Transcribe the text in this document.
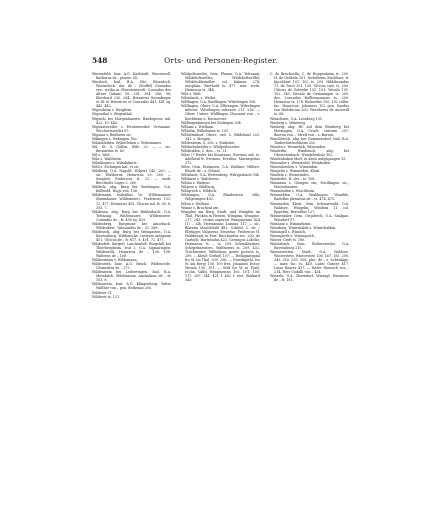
Orts- und Personen-Register.
548

Wiesenfeld, bair. A.G. Karlstadt, Wiesenvell. Barbarus de – pincer. 54.

Wiesloch, bad. B.A. Sitz, Wisenloch, Wiseneloch. dat. de – (Stoffel) Conradus reic. scriba in Oberstetenvelt. Conradus des Alters (Adam) 58. 281. 394. 286; 98; Eberhard 230. 284. Heinricus Swendinger et fil. et Heinricus et Conradus 441. 441 sq. 442. 442.

Wigenheim s. Weighein.

Wigenthal s. Wegenthal.

Wignelo bei Morgenhausen. Raedegerus mil. 422. 19. 440.

Wighartsweiler s. Heutenweiler. Ortsname. Wicchertsweiler 67.

Wigmar s. Beilhrem sic.

Wikingen s. Wekingen. Esc.

Wilanbleiben. Wyherleben s. Wobemanee.

Wil, St. S. Gallen. Wile. 20. — — sic. Bernardus ts. 60.

Wil s. Weil.

Wila s. Waibheim.

Wiladaraire s. Wiladaharie.

Wild s. Eichingen kat. et sic.

Wildberg, O.A. Nagold. Wilpert 145, 280. — sic. Waltherus. Heinricus 20. 269. — tivopluh; Fridericus fr. 21. — mult. Berchtolts Luges 2. 260.

Wildeck, abg. Burg bei Sindringen, O.A. Kellwold. Hugo von. 156.

Wildemann, Indutilius Ve. Wildemannus (Baumhauer Wildemeier). Fridericus 133. 12; 477. Heinricus 455. Ulricus mil. fr. 58. 8; 355. 7.

Wildenau, abg. Burg bei Bühlenbach, O.A. Tettnang. Wildenauwe. Wildenouwe. Conradus de – fr. 409 sq. 429.

Wildenberg, Burgruine bei Amorbach. Wildenberc. Valesandus de – 52. 289.

Wildeneck, abg. Burg bei Weingarten, O.A. Ravensburg. Wildenecke. castrum antiquum 401. Ulricus de – fr. 817. 9. 401. 72. 477.

Wildenfels, bürgerl. Lauckenhöf, Burgstall bei Thierbergheim, leut 2. O.A. Sigmaringen. Wildenvels. Heinricus de – 108. 108. Walterus de – 108.

Wildenmann s. Wildemann.

Wildenroth, bair. A.G. Bruck. Wildenrode. Chunradus de – 273.

Wildenstein bei Leibertingen, bad. B.A. Messkirch. Wildenstain. Anshalmus de – fr. 103. 8.

Wildenstein, bair. A.G. Klingenberg. Ritter Walther von – gen. Rothenas 205.

Wildreer 21.

Wildreer ts. 121.

Wildpoltsweiler, Gem. Flaxen, O.A. Tettnang. Wildeboltswiller, Wildeboltswiller, Wildeboldeswiller. col. Kalman 274, niocplain. Berthold ts. 477. rent. scrib. Heinricus ts. 344.

Wile s. Weil.

Wilenbach, s. Weiler.

Wilflingen, O.A. Riedlingen. Wilvelingen 208.

Wilflingen, Oberr. O.A. Ellwangen. Wilvelingen inferior. Volvelingen inferiore 211. 256. — Oberr. Unterr. Wülflingen Chuonrat von – s. Kirchheim u. Rossnecset.

Wilflingenhausen bei Esslingen 304.

Wilham s. Wielham.

Wilhelm, Wilhelmine ts. 101.

Wilhelmsdorf, Oberr., ord. 5. Wildeland 203. 341. s. Morgen.

Wildenheim, S. 256. s. Einkeitei.

Wildnebulweiler s. Wildpoltsweiler.

Wildstallen, C. den. – ts. 31.

Wiler (? Weiler bei Konstanz). Evirinus mil. ts. Adelheid fr. Evirinus, Everilus. Marnegeitus 272.

Wiler, Gem. Distanzen. O.A. Waldsee. Willere. Rhode de – s. Schaal.

Wiltzbach, O.A. Wertenberg. Wilrigesbach 394.

Wiltlaere s. Walckeren.

Wiliun s. Walteuc.

Wilpere s. Wildberg.

Wilzgrech s. Wildeck.

Wiltzingen, O.A. Blaubeuren. villa, Wilgeringen 402.

Wilun s. Walleau.

Wimar s. Brachenl ate.

Wimpfen am Berg, Stadt, und Wimpfen im Thal, Flecken in Hessen. Wimpina, Wimpine. 217. 243. civitas superior Wimpinensis 424 (1) – alb. Hermannus Lamina 117 — sic. Bilentia Madolchild 482; Coblüd, C. de ;; Eltringer, Vulporius; Ernestus; Fridericus H. Heilibrand; in Forr, Burchardus sec. 200. de Gartach; Bartrandus 422. Gerungus Lobelio; Hermanus ts. – ts. 209. Schenkheimer, Schepelmeisters, Walthierus ts. 209. 432. Truchsenzer, Wilhelmus gener pictoris ts. 209. — Kleuf; Gerhelt 107; — Heiligmiesptal fro W. Im Thal. 209. 236; — Praedigerhl. fro W. am Berg) 100. 100 fres. Johannes lector, Wesalo 100. 101. — Stift (se W. in Thal); ecclia. Vallis Wimpinensis 100. 101. 100. 117. 209. 344. 421 f. 482 f. rest. Burkard 343.

C. de Bruchsella; C. de Hoppenheim ts. 209. H. de Gräbeln 101. Nebelerius Kirchhart, fr. Kyrchhart 101. 102 ts. 209. Hildebrandus 73. de Turvi 101. 109. Ulricus cust. ts. 209. Ulricus de Gebreke 101. 101. Wesalo 101. 102. 343. Wesalo de Gemmingen ts. 209. des. Conradus Hellbrunnensis ts. 209. Heinricus ts. 178. Richardus 100. 102 celler. fac. Heinricus; Johannes 102 gen. Dardus von Heilsbronn 200. Wernherus de Aurewill ts. 68.

Winachene, O.A. Leonberg 101.

Winberg s. Weinberg.

Winberg, abg. Hf. auf dem Weinberg bei Metzingen, O.A. Urach. castrum 207. Burron von –, Strelf von – s. Burron.

Winchberch, abg. bei Gummersdorf, bad. B.A. Tauberbischofsheim 202.

Winden s. Wenneheh, Wiesenden.

Winderlin, Windeinch, abg. bei Oberrotenbach, Wundelenholz 102.

Windenhuken Morl, in Kreis aufgegangen 19.

Winendoe s. Weinsiedel, Weinbeden.

Winendorehen s. Wimendun.

Wingelin s. Wimmeden. Klein.

Windeln s. Wienwindes.

Winderlet, H. der – ts. 108.

Winmann s. Giengen ein; Nördlingen sic.; Winterhausen.

Wimmloiden s. Weichheim.

Wimmelden, O.A. Waiblingen. Winidde, Radolfus plenarius de – ts. 474. 475.

Wimmeden, Klein-, Gem. Schwarzwild, O.A. Waldsee. Wingelin, Windesa 11. col. Eppelius, Bertoldus 127.

Winmentaler, Gem. Ostjaferch, O.A. Saalgau. Winsdorf 57.

Wimhain s. Wimmeheim.

Winirhein, Winirshalde s. Winirrhalden.

Winnagell s. Winnich.

Winnsporth s. Winnsporth.

Winter, Greft ts. 180.

Winterbach, Gem. Wolterzweiler, O.A. Ravensburg 215.

Winterstetten, Stadt, O.A. Waldsee. Winterstete, Winterstete 106. 167. 183. 200. 343. 355. 353. 356. plac. de – s. Schenkige. — mier. fac. ts. 449. Lutzo Gunzer 417. Lutse Bayrer 417. — Ritter Heinrich von – 214. Herr Uodalh von – 434.

Winzeln, O.A. Oberndorf. Winzagl. Heinricus de – fr. 181.
